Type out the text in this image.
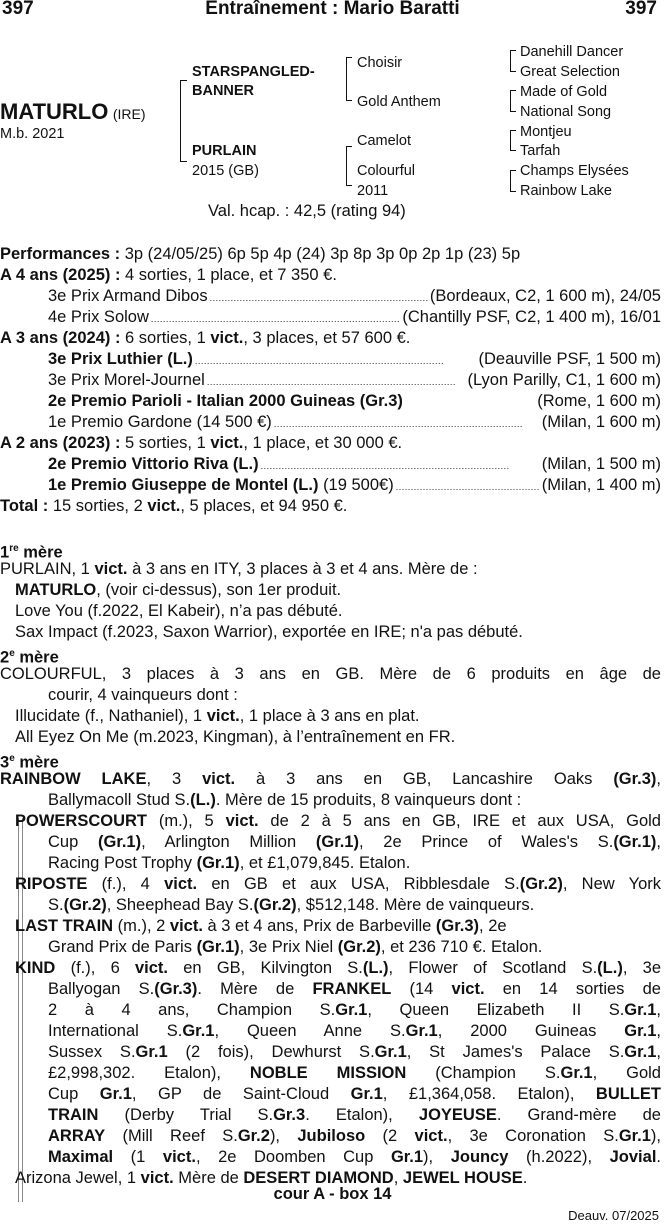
397	Entraînement : Mario Baratti	397
MATURLO (IRE)
M.b. 2021
STARSPANGLED-
BANNER
PURLAIN
2015 (GB)
Choisir
Gold Anthem
Camelot
Colourful
2011
Danehill Dancer
Great Selection
Made of Gold
National Song
Montjeu
Tarfah
Champs Elysées
Rainbow Lake
Val. hcap. : 42,5 (rating 94)
Performances : 3p (24/05/25) 6p 5p 4p (24) 3p 8p 3p 0p 2p 1p (23) 5p
A 4 ans (2025) : 4 sorties, 1 place, et 7 350 €.
3e Prix Armand Dibos . . .	(Bordeaux, C2, 1 600 m), 24/05
4e Prix Solow . . .	(Chantilly PSF, C2, 1 400 m), 16/01
A 3 ans (2024) : 6 sorties, 1 vict., 3 places, et 57 600 €.
3e Prix Luthier (L.) . . .	(Deauville PSF, 1 500 m)
3e Prix Morel-Journel . . .	(Lyon Parilly, C1, 1 600 m)
2e Premio Parioli - Italian 2000 Guineas (Gr.3)
	(Rome, 1 600 m)
1e Premio Gardone (14 500 €) . . .	(Milan, 1 600 m)
A 2 ans (2023) : 5 sorties, 1 vict., 1 place, et 30 000 €.
2e Premio Vittorio Riva (L.) . . .	(Milan, 1 500 m)
1e Premio Giuseppe de Montel (L.)
(19 500€) . . .	(Milan, 1 400 m)
Total : 15 sorties, 2 vict., 5 places, et 94 950 €.
1re mère
PURLAIN, 1 vict. à 3 ans en ITY, 3 places à 3 et 4 ans. Mère de :
MATURLO, (voir ci-dessus), son 1er produit.
Love You (f.2022, El Kabeir), n’a pas débuté.
Sax Impact (f.2023, Saxon Warrior), exportée en IRE; n'a pas débuté.
2e mère
COLOURFUL, 3 places à 3 ans en GB. Mère de 6 produits en âge de
courir, 4 vainqueurs dont :
Illucidate (f., Nathaniel), 1 vict., 1 place à 3 ans en plat.
All Eyez On Me (m.2023, Kingman), à l’entraînement en FR.
3e mère
RAINBOW LAKE, 3 vict. à 3 ans en GB, Lancashire Oaks (Gr.3),
Ballymacoll Stud S.(L.). Mère de 15 produits, 8 vainqueurs dont :
POWERSCOURT (m.), 5 vict. de 2 à 5 ans en GB, IRE et aux USA, Gold
Cup (Gr.1), Arlington Million (Gr.1), 2e Prince of Wales's S.(Gr.1),
Racing Post Trophy (Gr.1), et £1,079,845. Etalon.
RIPOSTE (f.), 4 vict. en GB et aux USA, Ribblesdale S.(Gr.2), New York
S.(Gr.2), Sheephead Bay S.(Gr.2), $512,148. Mère de vainqueurs.
LAST TRAIN (m.), 2 vict. à 3 et 4 ans, Prix de Barbeville (Gr.3), 2e
Grand Prix de Paris (Gr.1), 3e Prix Niel (Gr.2), et 236 710 €. Etalon.
KIND (f.), 6 vict. en GB, Kilvington S.(L.), Flower of Scotland S.(L.), 3e
Ballyogan S.(Gr.3). Mère de FRANKEL (14 vict. en 14 sorties de
2 à 4 ans, Champion S.Gr.1, Queen Elizabeth II S.Gr.1,
International S.Gr.1, Queen Anne S.Gr.1, 2000 Guineas Gr.1,
Sussex S.Gr.1 (2 fois), Dewhurst S.Gr.1, St James's Palace S.Gr.1,
£2,998,302. Etalon), NOBLE MISSION (Champion S.Gr.1, Gold
Cup Gr.1, GP de Saint-Cloud Gr.1, £1,364,058. Etalon), BULLET
TRAIN (Derby Trial S.Gr.3. Etalon), JOYEUSE. Grand-mère de
ARRAY (Mill Reef S.Gr.2), Jubiloso (2 vict., 3e Coronation S.Gr.1),
Maximal (1 vict., 2e Doomben Cup Gr.1), Jouncy (h.2022), Jovial.
Arizona Jewel, 1 vict. Mère de DESERT DIAMOND, JEWEL HOUSE.
cour A - box 14
Deauv. 07/2025
